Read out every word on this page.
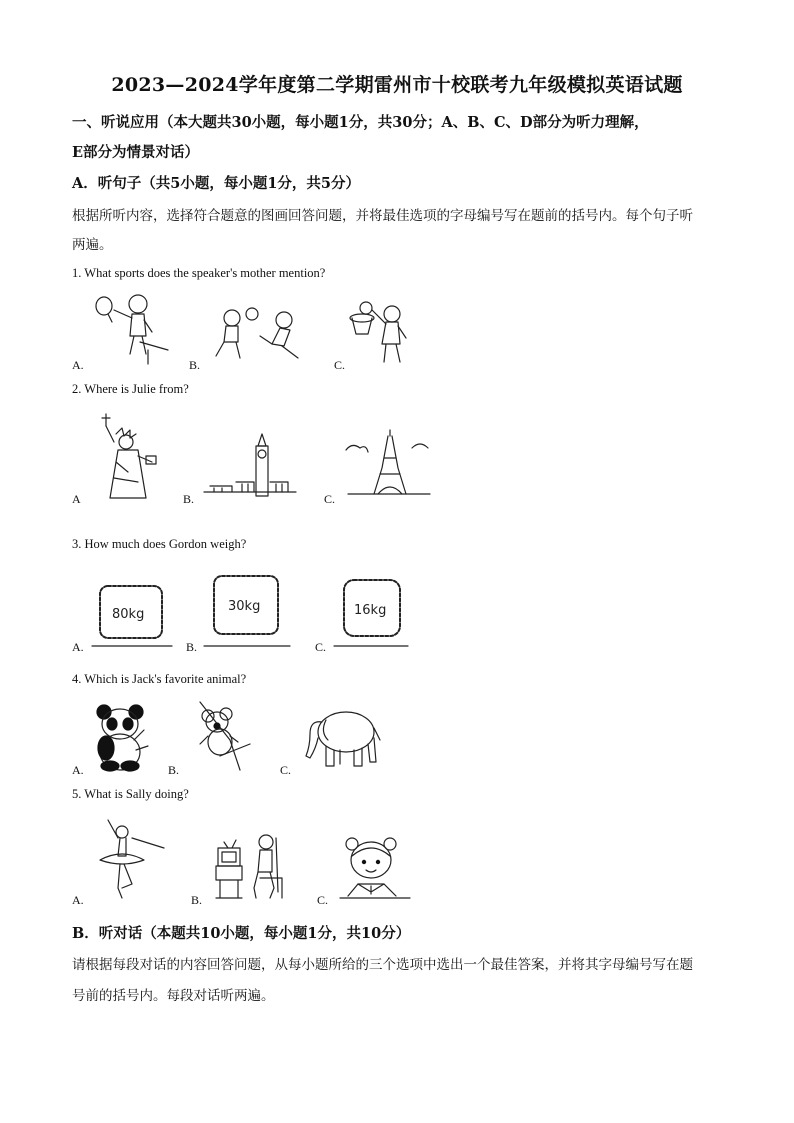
2023—2024学年度第二学期雷州市十校联考九年级模拟英语试题
一、听说应用（本大题共30小题，每小题1分，共30分；A、B、C、D部分为听力理解，
E部分为情景对话）
A．听句子（共5小题，每小题1分，共5分）
根据所听内容，选择符合题意的图画回答问题，并将最佳选项的字母编号写在题前的括号内。每个句子听
两遍。
1. What sports does the speaker's mother mention?
A.	B.	C.
2. Where is Julie from?
A	B.	C.
3. How much does Gordon weigh?
A.	B.	C.
80kg
30kg	16kg
4. Which is Jack's favorite animal?
A.	B.	C.
5. What is Sally doing?
A.	B.	C.
B．听对话（本题共10小题，每小题1分，共10分）
请根据每段对话的内容回答问题，从每小题所给的三个选项中选出一个最佳答案，并将其字母编号写在题
号前的括号内。每段对话听两遍。
